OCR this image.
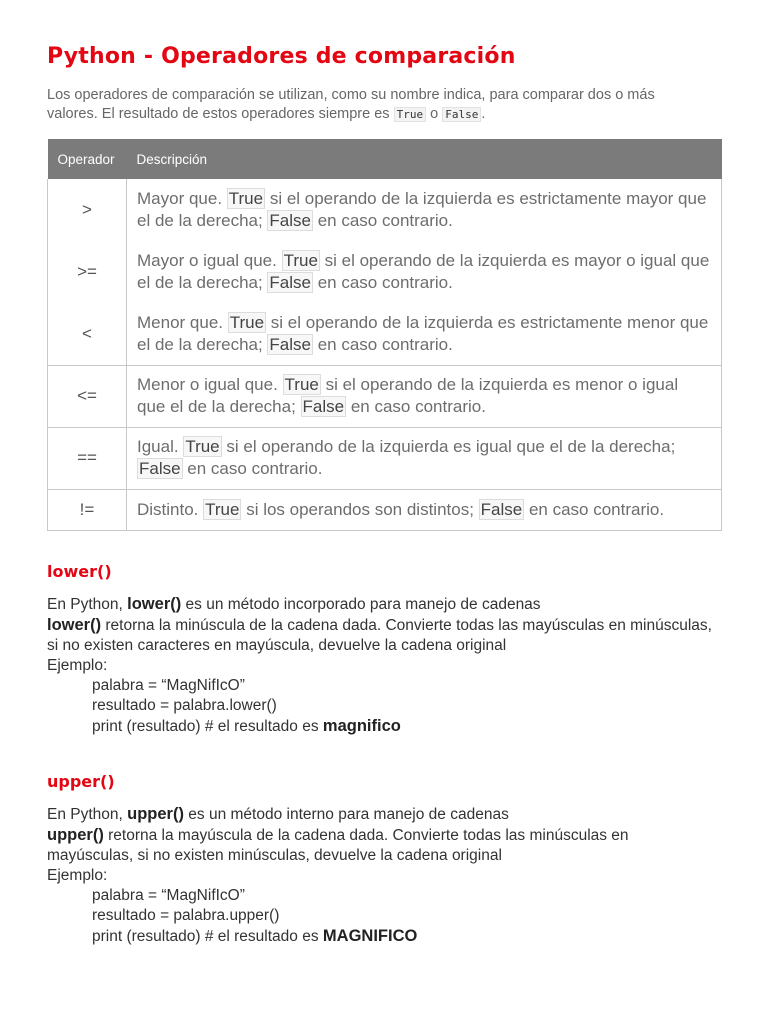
Python - Operadores de comparación
Los operadores de comparación se utilizan, como su nombre indica, para comparar dos o más valores. El resultado de estos operadores siempre es True o False .
Operador	Descripción
>	Mayor que. True si el operando de la izquierda es estrictamente mayor que el de la derecha; False en caso contrario.
>=	Mayor o igual que. True si el operando de la izquierda es mayor o igual que el de la derecha; False en caso contrario.
<	Menor que. True si el operando de la izquierda es estrictamente menor que el de la derecha; False en caso contrario.
<=	Menor o igual que. True si el operando de la izquierda es menor o igual que el de la derecha; False en caso contrario.
==	Igual. True si el operando de la izquierda es igual que el de la derecha; False en caso contrario.
!=	Distinto. True si los operandos son distintos; False en caso contrario.
lower()
En Python, lower() es un método incorporado para manejo de cadenas
lower() retorna la minúscula de la cadena dada. Convierte todas las mayúsculas en minúsculas, si no existen caracteres en mayúscula, devuelve la cadena original
Ejemplo:
palabra = “MagNifIcO”
resultado = palabra.lower()
print (resultado) # el resultado es magnifico
upper()
En Python, upper() es un método interno para manejo de cadenas
upper() retorna la mayúscula de la cadena dada. Convierte todas las minúsculas en mayúsculas, si no existen minúsculas, devuelve la cadena original
Ejemplo:
palabra = “MagNifIcO”
resultado = palabra.upper()
print (resultado) # el resultado es MAGNIFICO
